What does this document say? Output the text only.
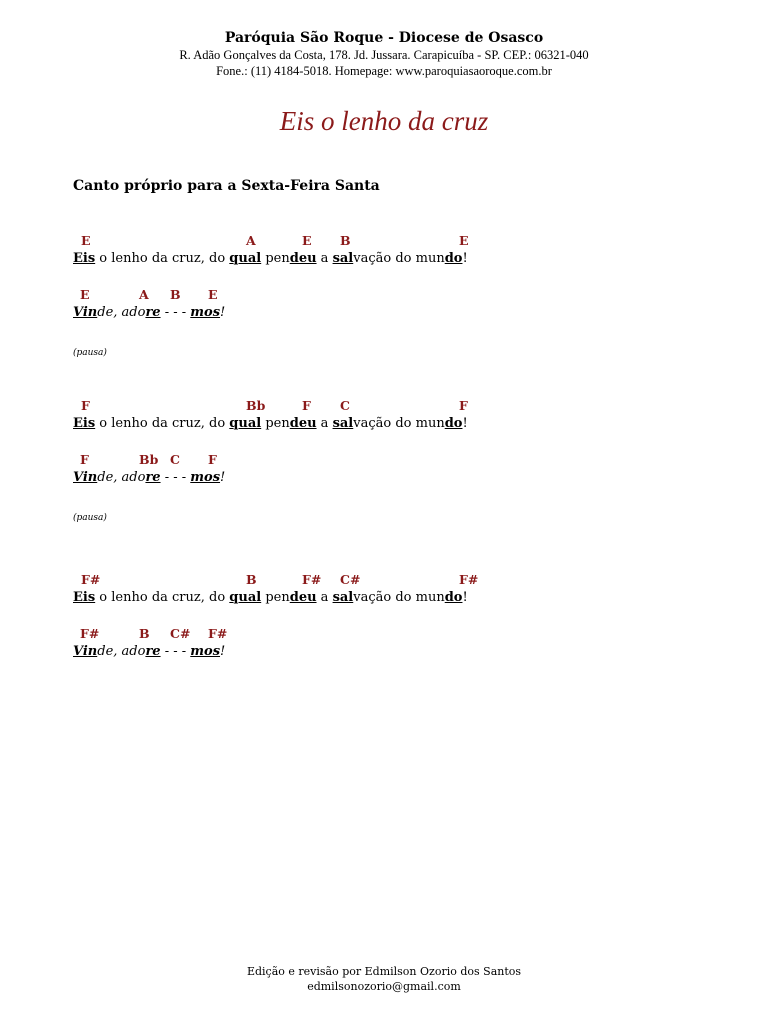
Paróquia São Roque - Diocese de Osasco
R. Adão Gonçalves da Costa, 178. Jd. Jussara. Carapicuíba - SP. CEP.: 06321-040
Fone.: (11) 4184-5018. Homepage: www.paroquiasaoroque.com.br
Eis o lenho da cruz
Canto próprio para a Sexta-Feira Santa
E	A	E B	E
Eis o lenho da cruz, do qual pendeu a salvação do mundo!
E	A B E
Vinde, adore - - - mos!
(pausa)
F	Bb	F C	F
Eis o lenho da cruz, do qual pendeu a salvação do mundo!
F	Bb C F
Vinde, adore - - - mos!
(pausa)
F#	B	F# C#	F#
Eis o lenho da cruz, do qual pendeu a salvação do mundo!
F#	B C# F#
Vinde, adore - - - mos!
Edição e revisão por Edmilson Ozorio dos Santos
edmilsonozorio@gmail.com
